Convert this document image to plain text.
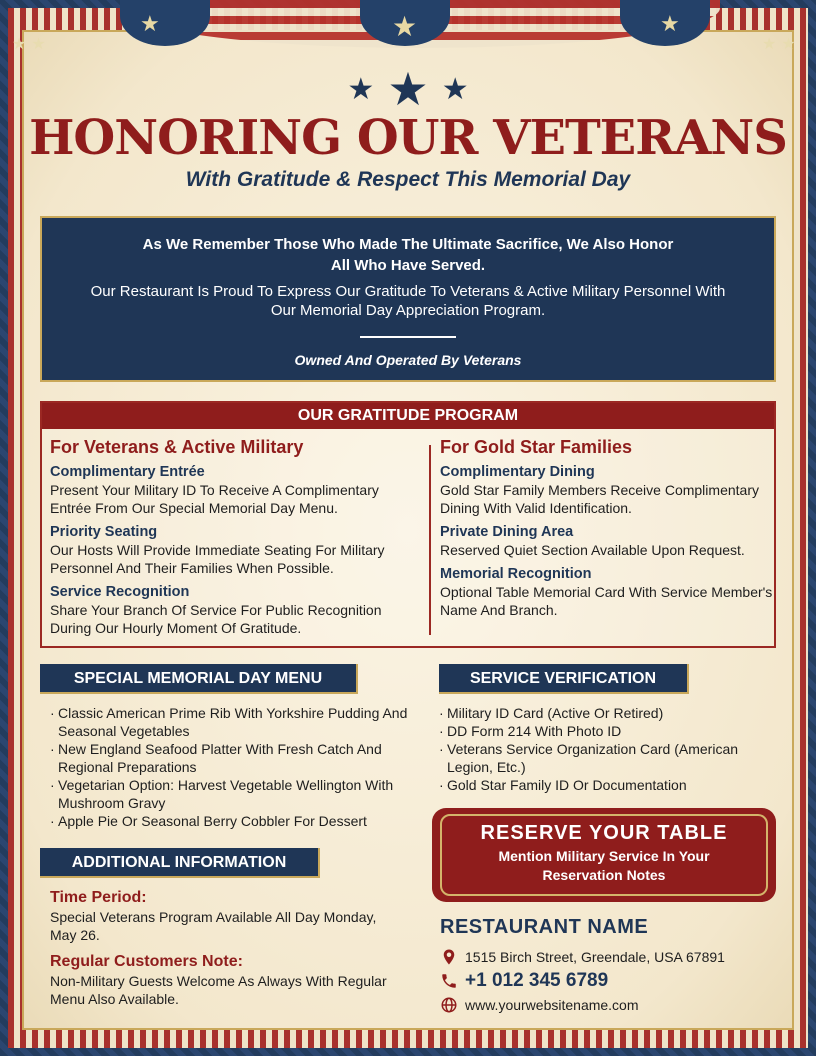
★	★	★
★ ★	★ ★
★ ★ ★
HONORING OUR VETERANS
With Gratitude & Respect This Memorial Day
As We Remember Those Who Made The Ultimate Sacrifice, We Also Honor All Who Have Served.
Our Restaurant Is Proud To Express Our Gratitude To Veterans & Active Military Personnel With Our Memorial Day Appreciation Program.
Owned And Operated By Veterans
OUR GRATITUDE PROGRAM
For Veterans & Active Military
Complimentary Entrée

Present Your Military ID To Receive A Complimentary Entrée From Our Special Memorial Day Menu.

Priority Seating

Our Hosts Will Provide Immediate Seating For Military Personnel And Their Families When Possible.

Service Recognition

Share Your Branch Of Service For Public Recognition During Our Hourly Moment Of Gratitude.

For Gold Star Families
Complimentary Dining

Gold Star Family Members Receive Complimentary Dining With Valid Identification.

Private Dining Area

Reserved Quiet Section Available Upon Request.

Memorial Recognition

Optional Table Memorial Card With Service Member's Name And Branch.

SPECIAL MEMORIAL DAY MENU
· Classic American Prime Rib With Yorkshire Pudding And Seasonal Vegetables
· New England Seafood Platter With Fresh Catch And Regional Preparations
· Vegetarian Option: Harvest Vegetable Wellington With Mushroom Gravy
· Apple Pie Or Seasonal Berry Cobbler For Dessert
SERVICE VERIFICATION
· Military ID Card (Active Or Retired)
· DD Form 214 With Photo ID
· Veterans Service Organization Card (American Legion, Etc.)
· Gold Star Family ID Or Documentation
ADDITIONAL INFORMATION
Time Period:

Special Veterans Program Available All Day Monday, May 26.

Regular Customers Note:

Non-Military Guests Welcome As Always With Regular Menu Also Available.

RESERVE YOUR TABLE
Mention Military Service In Your Reservation Notes
RESTAURANT NAME
1515 Birch Street, Greendale, USA 67891
+1 012 345 6789
www.yourwebsitename.com
